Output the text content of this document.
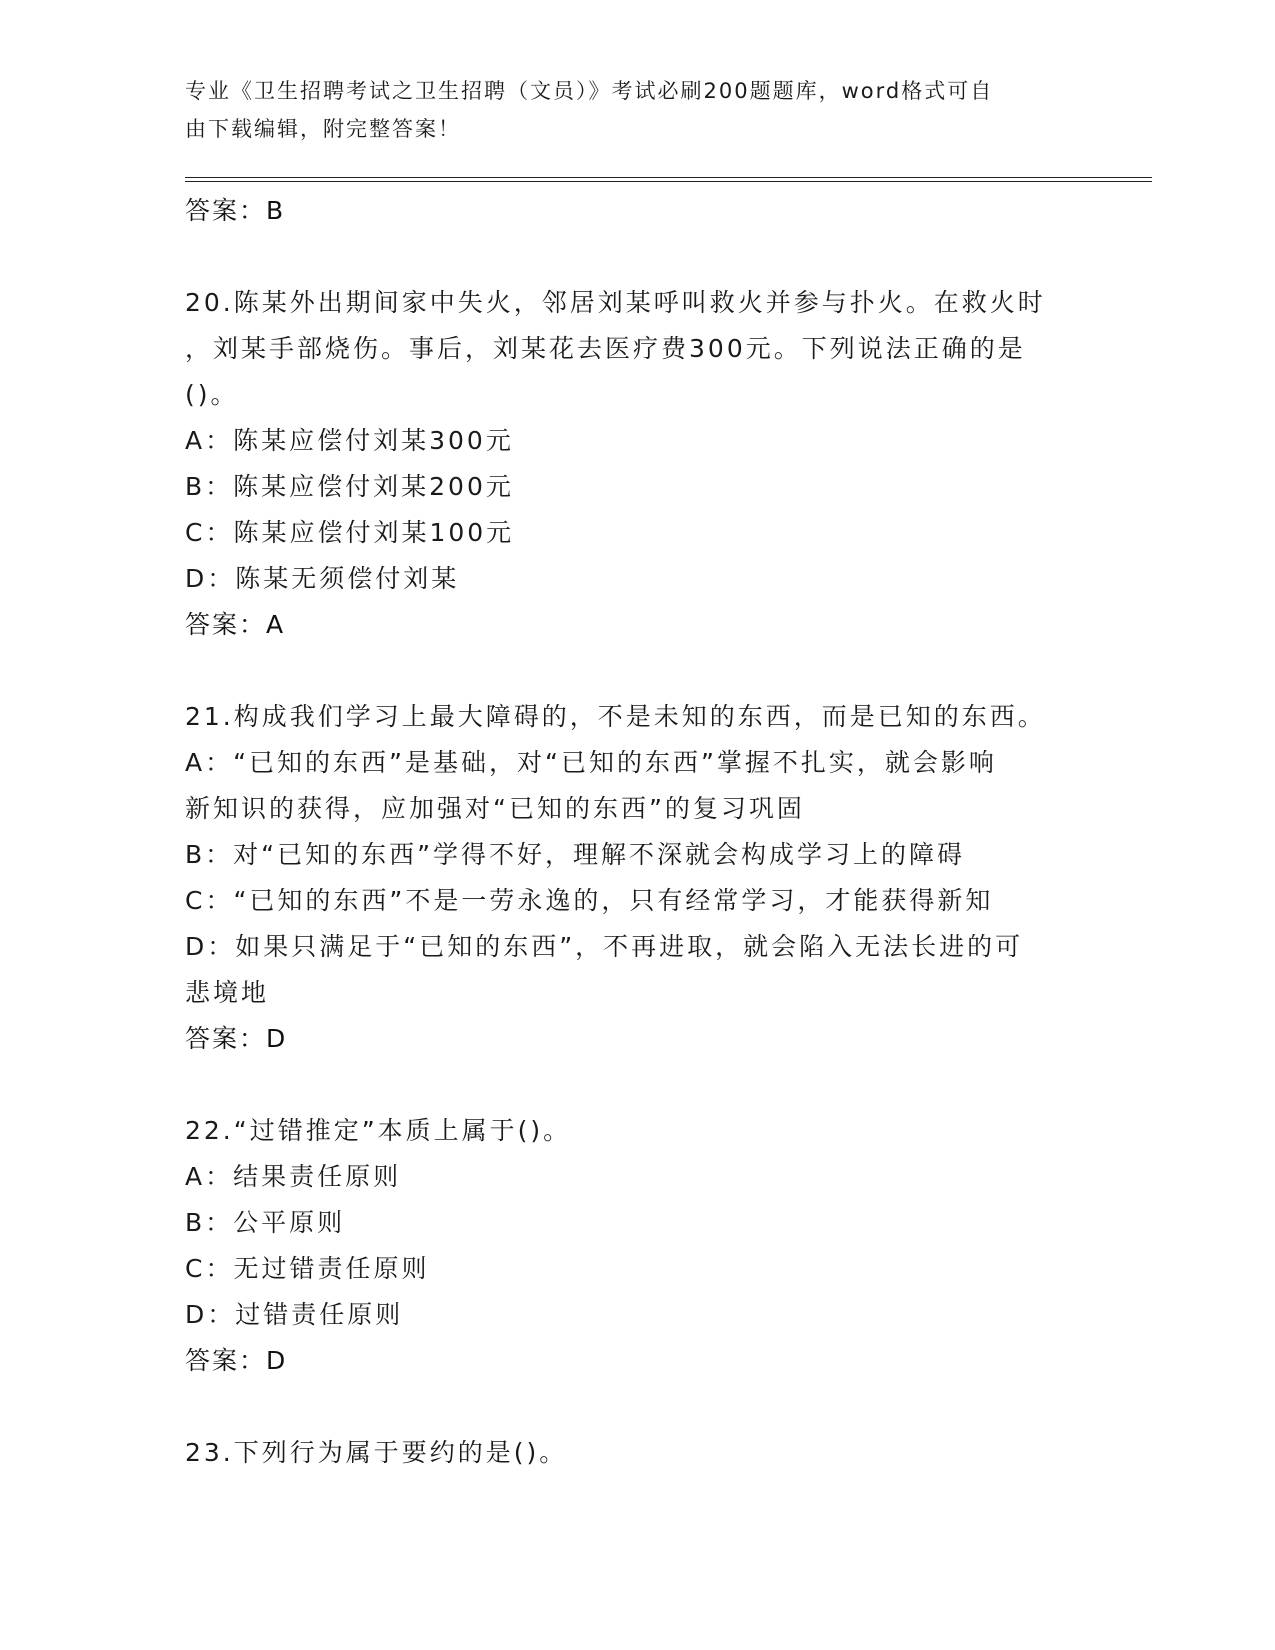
专业《卫生招聘考试之卫生招聘（文员）》考试必刷200题题库，word格式可自
由下载编辑，附完整答案！
答案：B
20.陈某外出期间家中失火，邻居刘某呼叫救火并参与扑火。在救火时
，刘某手部烧伤。事后，刘某花去医疗费300元。下列说法正确的是
()。
A：陈某应偿付刘某300元
B：陈某应偿付刘某200元
C：陈某应偿付刘某100元
D：陈某无须偿付刘某
答案：A
21.构成我们学习上最大障碍的，不是未知的东西，而是已知的东西。
A：“已知的东西”是基础，对“已知的东西”掌握不扎实，就会影响
新知识的获得，应加强对“已知的东西”的复习巩固
B：对“已知的东西”学得不好，理解不深就会构成学习上的障碍
C：“已知的东西”不是一劳永逸的，只有经常学习，才能获得新知
D：如果只满足于“已知的东西”，不再进取，就会陷入无法长进的可
悲境地
答案：D
22.“过错推定”本质上属于()。
A：结果责任原则
B：公平原则
C：无过错责任原则
D：过错责任原则
答案：D
23.下列行为属于要约的是()。
